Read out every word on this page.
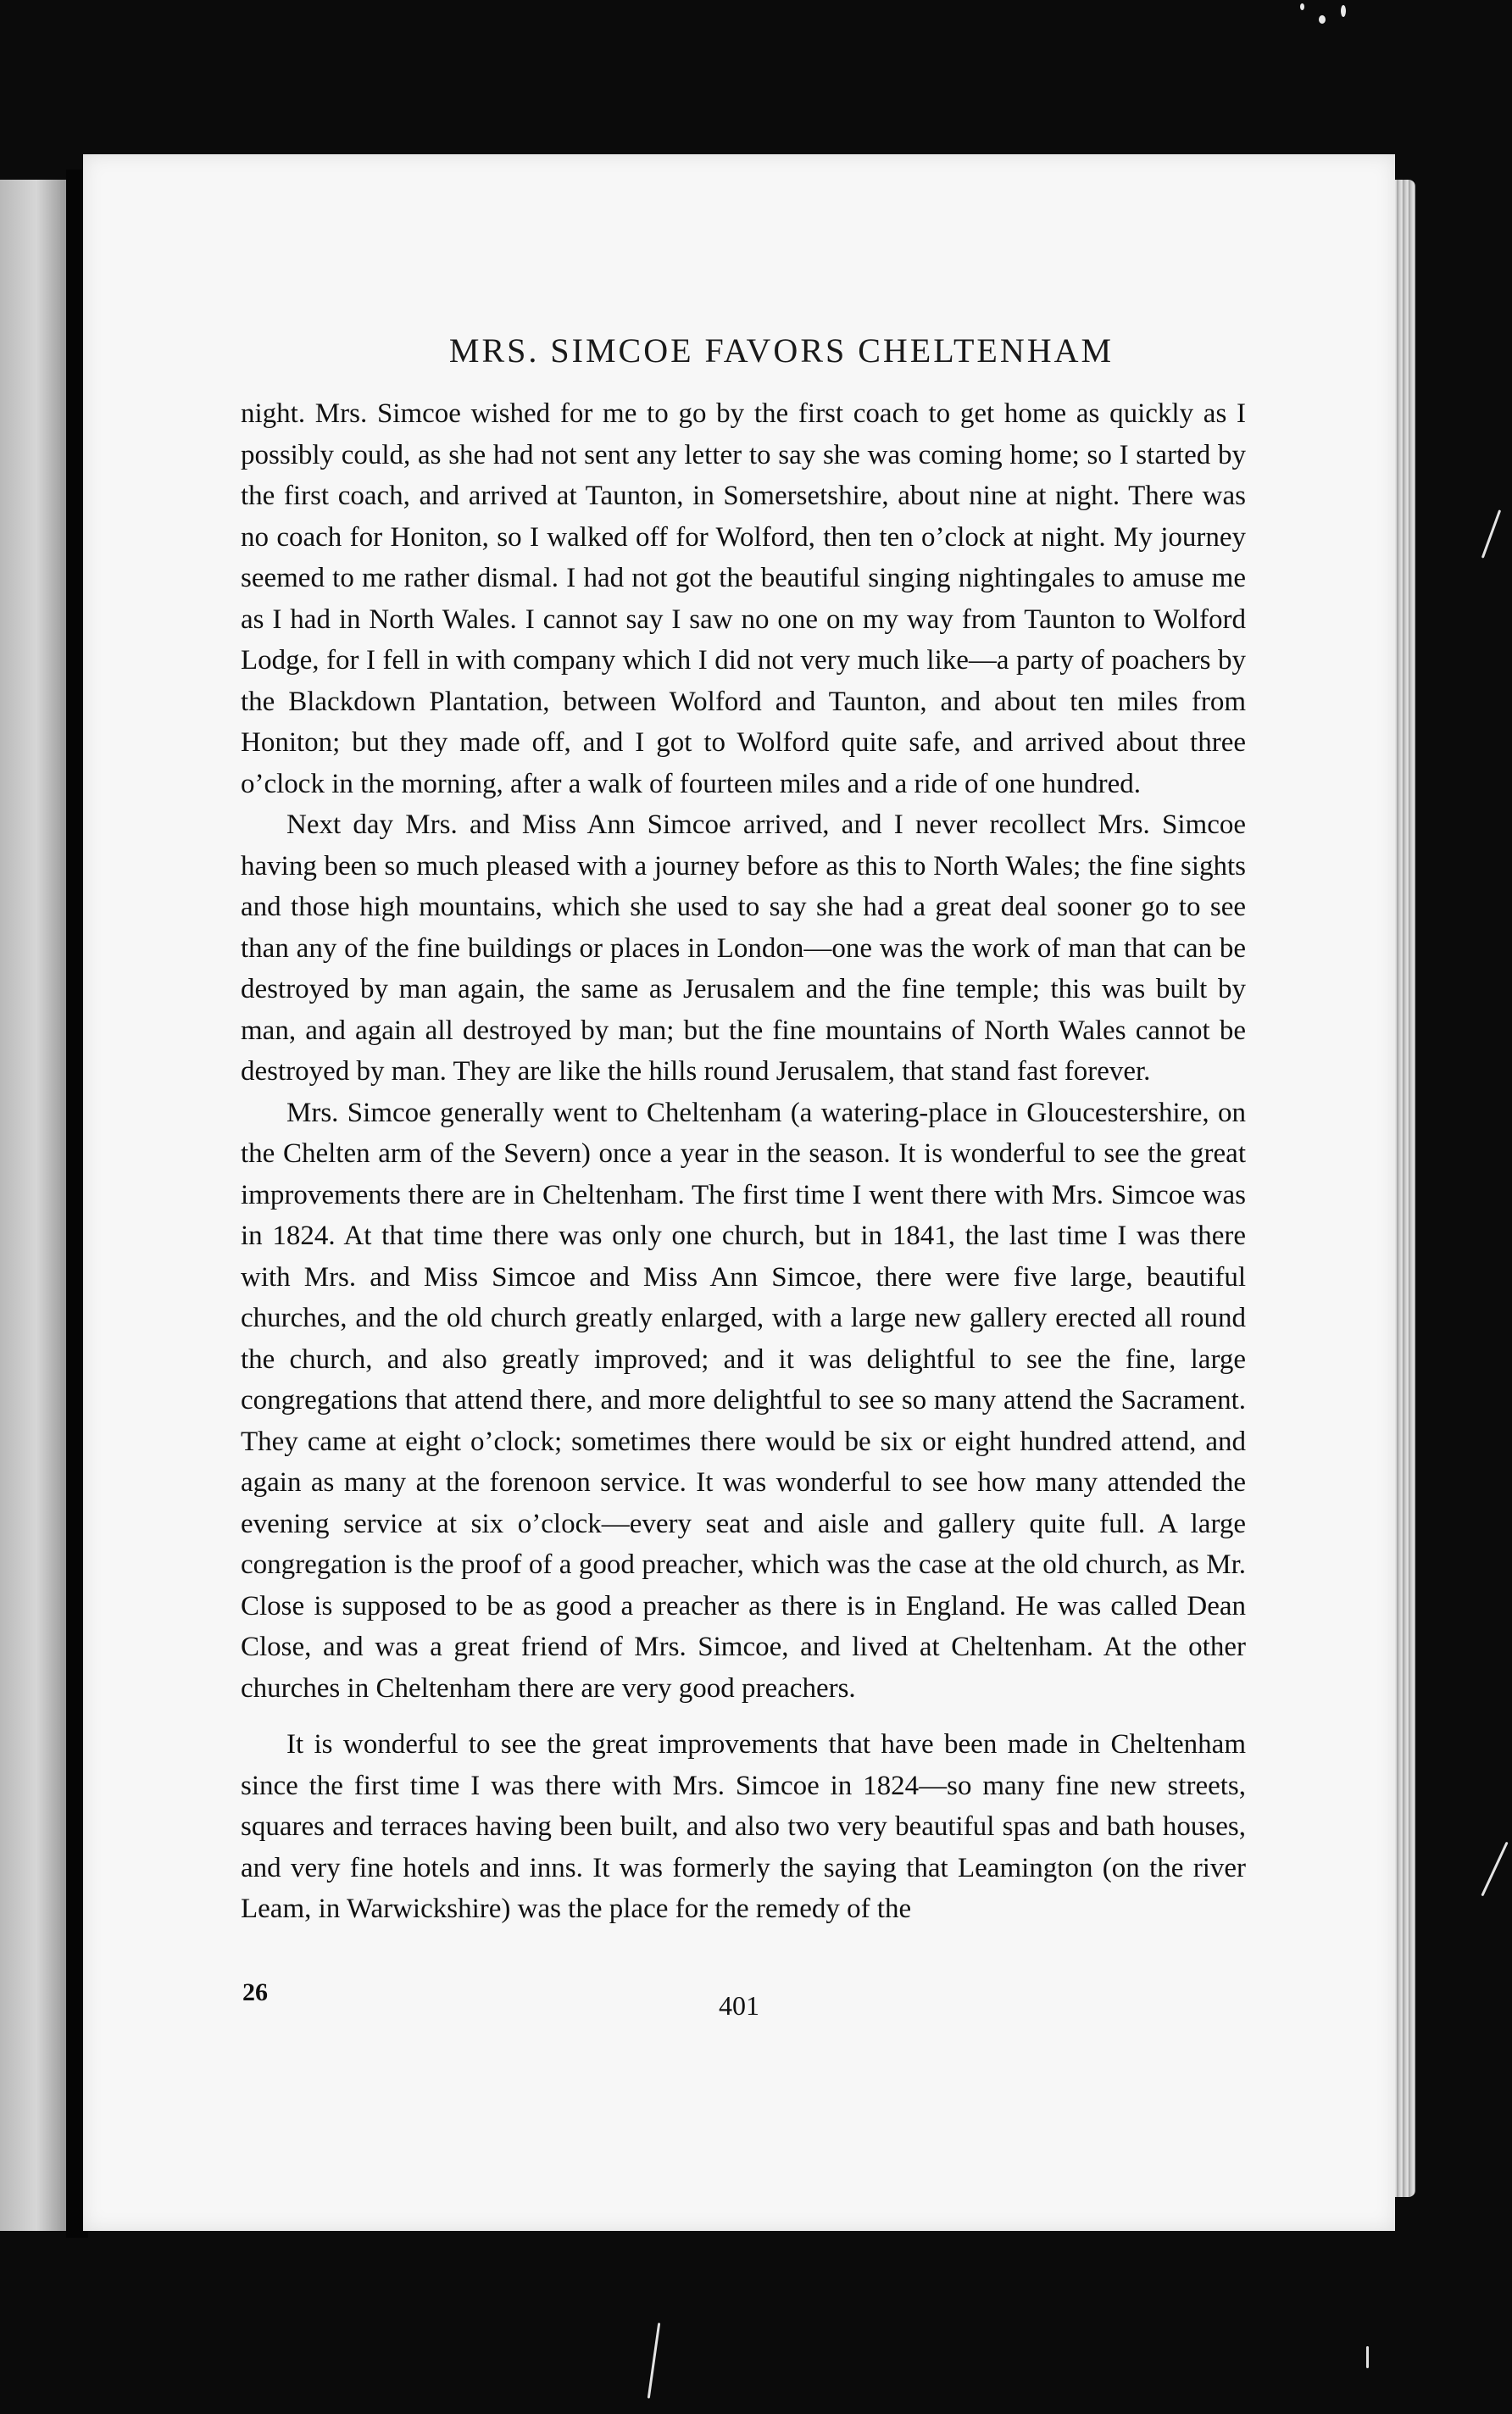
MRS. SIMCOE FAVORS CHELTENHAM

night. Mrs. Simcoe wished for me to go by the first coach to get home as quickly as I possibly could, as she had not sent any letter to say she was coming home; so I started by the first coach, and arrived at Taunton, in Somersetshire, about nine at night. There was no coach for Honiton, so I walked off for Wolford, then ten o’clock at night. My journey seemed to me rather dismal. I had not got the beautiful singing nightingales to amuse me as I had in North Wales. I cannot say I saw no one on my way from Taunton to Wolford Lodge, for I fell in with company which I did not very much like—a party of poachers by the Blackdown Plantation, between Wolford and Taunton, and about ten miles from Honiton; but they made off, and I got to Wolford quite safe, and arrived about three o’clock in the morning, after a walk of fourteen miles and a ride of one hundred.

Next day Mrs. and Miss Ann Simcoe arrived, and I never recollect Mrs. Simcoe having been so much pleased with a journey before as this to North Wales; the fine sights and those high mountains, which she used to say she had a great deal sooner go to see than any of the fine buildings or places in London—one was the work of man that can be destroyed by man again, the same as Jerusalem and the fine temple; this was built by man, and again all destroyed by man; but the fine mountains of North Wales cannot be destroyed by man. They are like the hills round Jerusalem, that stand fast forever.

Mrs. Simcoe generally went to Cheltenham (a watering-place in Gloucestershire, on the Chelten arm of the Severn) once a year in the season. It is wonderful to see the great improvements there are in Cheltenham. The first time I went there with Mrs. Simcoe was in 1824. At that time there was only one church, but in 1841, the last time I was there with Mrs. and Miss Simcoe and Miss Ann Simcoe, there were five large, beautiful churches, and the old church greatly enlarged, with a large new gallery erected all round the church, and also greatly improved; and it was delightful to see the fine, large congregations that attend there, and more delightful to see so many attend the Sacrament. They came at eight o’clock; sometimes there would be six or eight hundred attend, and again as many at the forenoon service. It was wonderful to see how many attended the evening service at six o’clock—every seat and aisle and gallery quite full. A large congregation is the proof of a good preacher, which was the case at the old church, as Mr. Close is supposed to be as good a preacher as there is in England. He was called Dean Close, and was a great friend of Mrs. Simcoe, and lived at Cheltenham. At the other churches in Cheltenham there are very good preachers.

It is wonderful to see the great improvements that have been made in Cheltenham since the first time I was there with Mrs. Simcoe in 1824—so many fine new streets, squares and terraces having been built, and also two very beautiful spas and bath houses, and very fine hotels and inns. It was formerly the saying that Leamington (on the river Leam, in Warwickshire) was the place for the remedy of the

26	401
